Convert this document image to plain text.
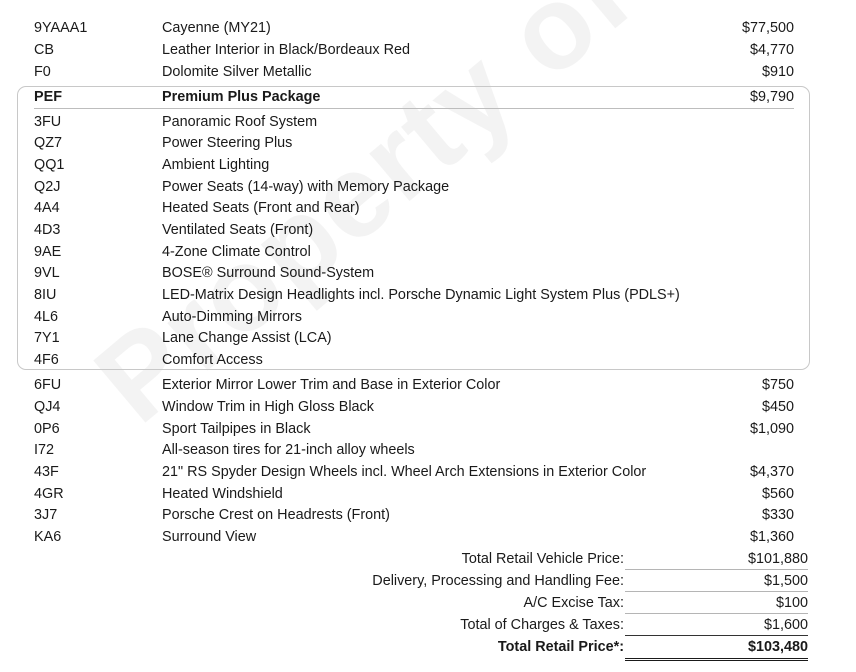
9YAAA1	Cayenne (MY21)	$77,500
CB	Leather Interior in Black/Bordeaux Red	$4,770
F0	Dolomite Silver Metallic	$910
PEF	Premium Plus Package	$9,790
3FU	Panoramic Roof System
QZ7	Power Steering Plus
QQ1	Ambient Lighting
Q2J	Power Seats (14-way) with Memory Package
4A4	Heated Seats (Front and Rear)
4D3	Ventilated Seats (Front)
9AE	4-Zone Climate Control
9VL	BOSE® Surround Sound-System
8IU	LED-Matrix Design Headlights incl. Porsche Dynamic Light System Plus (PDLS+)
4L6	Auto-Dimming Mirrors
7Y1	Lane Change Assist (LCA)
4F6	Comfort Access
6FU	Exterior Mirror Lower Trim and Base in Exterior Color	$750
QJ4	Window Trim in High Gloss Black	$450
0P6	Sport Tailpipes in Black	$1,090
I72	All-season tires for 21-inch alloy wheels
43F	21" RS Spyder Design Wheels incl. Wheel Arch Extensions in Exterior Color	$4,370
4GR	Heated Windshield	$560
3J7	Porsche Crest on Headrests (Front)	$330
KA6	Surround View	$1,360
Total Retail Vehicle Price:	$101,880
Delivery, Processing and Handling Fee:	$1,500
A/C Excise Tax:	$100
Total of Charges & Taxes:	$1,600
Total Retail Price*:	$103,480
